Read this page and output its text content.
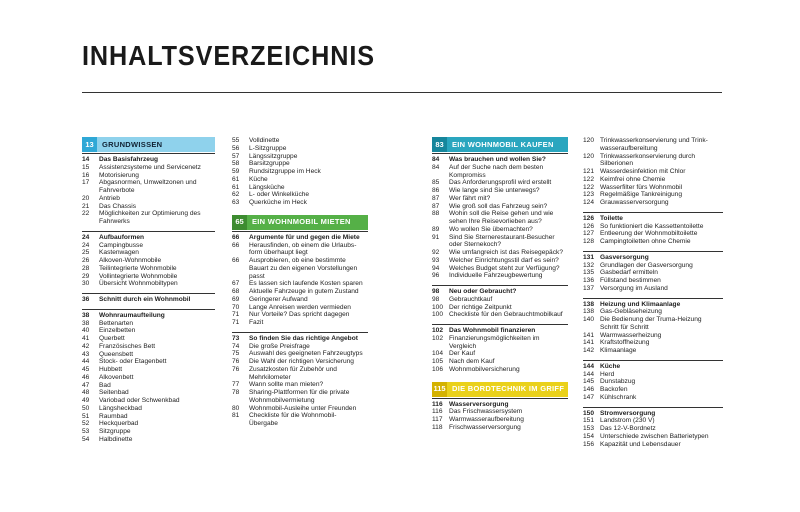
INHALTSVERZEICHNIS
13	GRUNDWISSEN
14	Das Basisfahrzeug
15	Assistenzsysteme und Servicenetz
16	Motorisierung
17	Abgasnormen, Umweltzonen und
Fahrverbote
20	Antrieb
21	Das Chassis
22	Möglichkeiten zur Optimierung des
Fahrwerks
24	Aufbauformen
24	Campingbusse
25	Kastenwagen
26	Alkoven-Wohnmobile
28	Teilintegrierte Wohnmobile
29	Vollintegrierte Wohnmobile
30	Übersicht Wohnmobiltypen
36	Schnitt durch ein Wohnmobil
38	Wohnraumaufteilung
38	Bettenarten
40	Einzelbetten
41	Querbett
42	Französisches Bett
43	Queensbett
44	Stock- oder Etagenbett
45	Hubbett
46	Alkovenbett
47	Bad
48	Seitenbad
49	Variobad oder Schwenkbad
50	Längsheckbad
51	Raumbad
52	Heckquerbad
53	Sitzgruppe
54	Halbdinette
55	Volldinette
56	L-Sitzgruppe
57	Längssitzgruppe
58	Barsitzgruppe
59	Rundsitzgruppe im Heck
61	Küche
61	Längsküche
62	L- oder Winkelküche
63	Querküche im Heck
65	EIN WOHNMOBIL MIETEN
66	Argumente für und gegen die Miete
66	Herausfinden, ob einem die Urlaubs-
form überhaupt liegt
66	Ausprobieren, ob eine bestimmte
Bauart zu den eigenen Vorstellungen
passt
67	Es lassen sich laufende Kosten sparen
68	Aktuelle Fahrzeuge in gutem Zustand
69	Geringerer Aufwand
70	Lange Anreisen werden vermieden
71	Nur Vorteile? Das spricht dagegen
71	Fazit
73	So finden Sie das richtige Angebot
74	Die große Preisfrage
75	Auswahl des geeigneten Fahrzeugtyps
76	Die Wahl der richtigen Versicherung
76	Zusatzkosten für Zubehör und
Mehrkilometer
77	Wann sollte man mieten?
78	Sharing-Plattformen für die private
Wohnmobilvermietung
80	Wohnmobil-Ausleihe unter Freunden
81	Checkliste für die Wohnmobil-
Übergabe
83	EIN WOHNMOBIL KAUFEN
84	Was brauchen und wollen Sie?
84	Auf der Suche nach dem besten
Kompromiss
85	Das Anforderungsprofil wird erstellt
86	Wie lange sind Sie unterwegs?
87	Wer fährt mit?
87	Wie groß soll das Fahrzeug sein?
88	Wohin soll die Reise gehen und wie
sehen Ihre Reisevorlieben aus?
89	Wo wollen Sie übernachten?
91	Sind Sie Sternerestaurant-Besucher
oder Sternekoch?
92	Wie umfangreich ist das Reisegepäck?
93	Welcher Einrichtungsstil darf es sein?
94	Welches Budget steht zur Verfügung?
96	Individuelle Fahrzeugbewertung
98	Neu oder Gebraucht?
98	Gebrauchtkauf
100 Der richtige Zeitpunkt
100 Checkliste für den Gebrauchtmobilkauf
102 Das Wohnmobil finanzieren
102 Finanzierungsmöglichkeiten im
Vergleich
104 Der Kauf
105 Nach dem Kauf
106 Wohnmobilversicherung
115 DIE BORDTECHNIK IM GRIFF
116 Wasserversorgung
116 Das Frischwassersystem
117 Warmwasseraufbereitung
118 Frischwasserversorgung
120 Trinkwasserkonservierung und Trink-
wasseraufbereitung
120 Trinkwasserkonservierung durch
Silberionen
121 Wasserdesinfektion mit Chlor
122 Keimfrei ohne Chemie
122 Wasserfilter fürs Wohnmobil
123 Regelmäßige Tankreinigung
124 Grauwasserversorgung
126 Toilette
126 So funktioniert die Kassettentoilette
127 Entleerung der Wohnmobiltoilette
128 Campingtoiletten ohne Chemie
131 Gasversorgung
132 Grundlagen der Gasversorgung
135 Gasbedarf ermitteln
136 Füllstand bestimmen
137 Versorgung im Ausland
138 Heizung und Klimaanlage
138 Gas-Gebläseheizung
140 Die Bedienung der Truma-Heizung
Schritt für Schritt
141 Warmwasserheizung
141 Kraftstoffheizung
142 Klimaanlage
144 Küche
144 Herd
145 Dunstabzug
146 Backofen
147 Kühlschrank
150 Stromversorgung
151 Landstrom (230 V)
153 Das 12-V-Bordnetz
154 Unterschiede zwischen Batterietypen
156 Kapazität und Lebensdauer
